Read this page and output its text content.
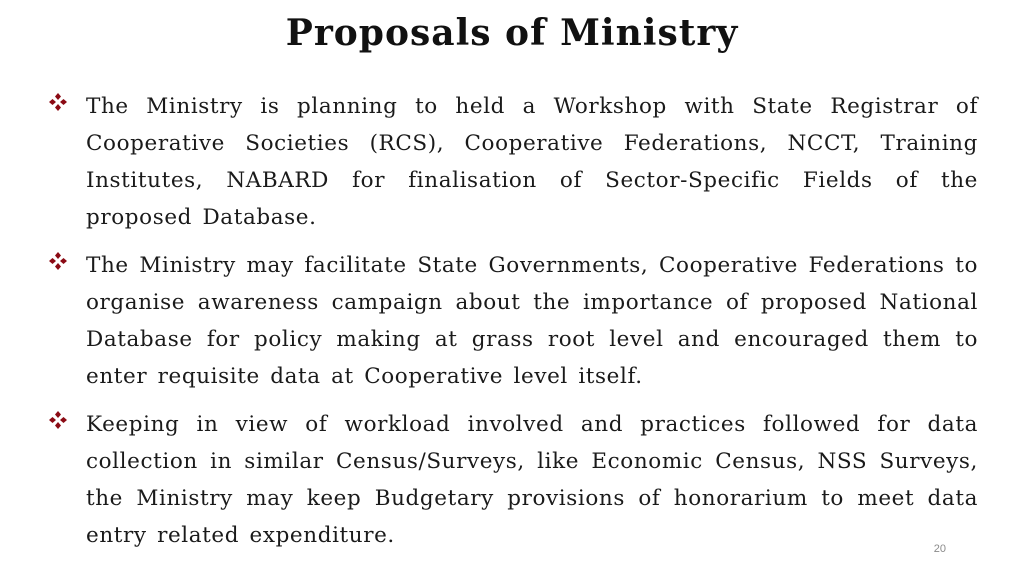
Proposals of Ministry
The Ministry is planning to held a Workshop with State Registrar of Cooperative Societies (RCS), Cooperative Federations, NCCT, Training Institutes, NABARD for finalisation of Sector-Specific Fields of the proposed Database.
The Ministry may facilitate State Governments, Cooperative Federations to organise awareness campaign about the importance of proposed National Database for policy making at grass root level and encouraged them to enter requisite data at Cooperative level itself.
Keeping in view of workload involved and practices followed for data collection in similar Census/Surveys, like Economic Census, NSS Surveys, the Ministry may keep Budgetary provisions of honorarium to meet data entry related expenditure.
20
